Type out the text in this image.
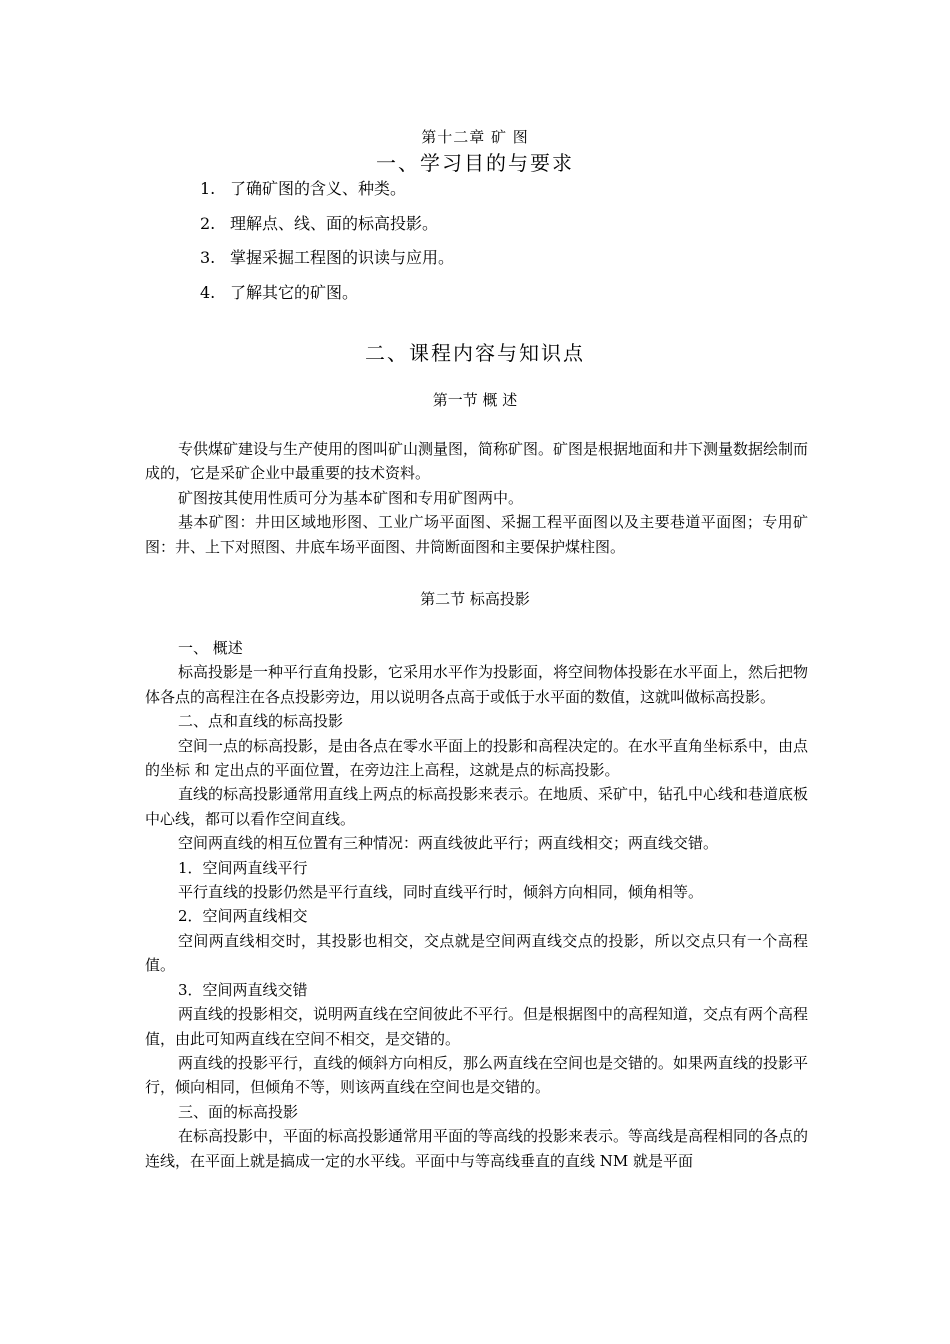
第十二章 矿 图
一、学习目的与要求
1. 了确矿图的含义、种类。
2. 理解点、线、面的标高投影。
3. 掌握采掘工程图的识读与应用。
4. 了解其它的矿图。
二、课程内容与知识点
第一节 概 述

专供煤矿建设与生产使用的图叫矿山测量图，简称矿图。矿图是根据地面和井下测量数据绘制而成的，它是采矿企业中最重要的技术资料。

矿图按其使用性质可分为基本矿图和专用矿图两中。

基本矿图：井田区域地形图、工业广场平面图、采掘工程平面图以及主要巷道平面图；专用矿图：井、上下对照图、井底车场平面图、井筒断面图和主要保护煤柱图。

第二节 标高投影

一、 概述

标高投影是一种平行直角投影，它采用水平作为投影面，将空间物体投影在水平面上，然后把物体各点的高程注在各点投影旁边，用以说明各点高于或低于水平面的数值，这就叫做标高投影。

二、点和直线的标高投影

空间一点的标高投影，是由各点在零水平面上的投影和高程决定的。在水平直角坐标系中，由点的坐标 和 定出点的平面位置，在旁边注上高程，这就是点的标高投影。

直线的标高投影通常用直线上两点的标高投影来表示。在地质、采矿中，钻孔中心线和巷道底板中心线，都可以看作空间直线。

空间两直线的相互位置有三种情况：两直线彼此平行；两直线相交；两直线交错。

1．空间两直线平行

平行直线的投影仍然是平行直线，同时直线平行时，倾斜方向相同，倾角相等。

2．空间两直线相交

空间两直线相交时，其投影也相交，交点就是空间两直线交点的投影，所以交点只有一个高程值。

3．空间两直线交错

两直线的投影相交，说明两直线在空间彼此不平行。但是根据图中的高程知道，交点有两个高程值，由此可知两直线在空间不相交，是交错的。

两直线的投影平行，直线的倾斜方向相反，那么两直线在空间也是交错的。如果两直线的投影平行，倾向相同，但倾角不等，则该两直线在空间也是交错的。

三、面的标高投影

在标高投影中，平面的标高投影通常用平面的等高线的投影来表示。等高线是高程相同的各点的连线，在平面上就是搞成一定的水平线。平面中与等高线垂直的直线 NM 就是平面
